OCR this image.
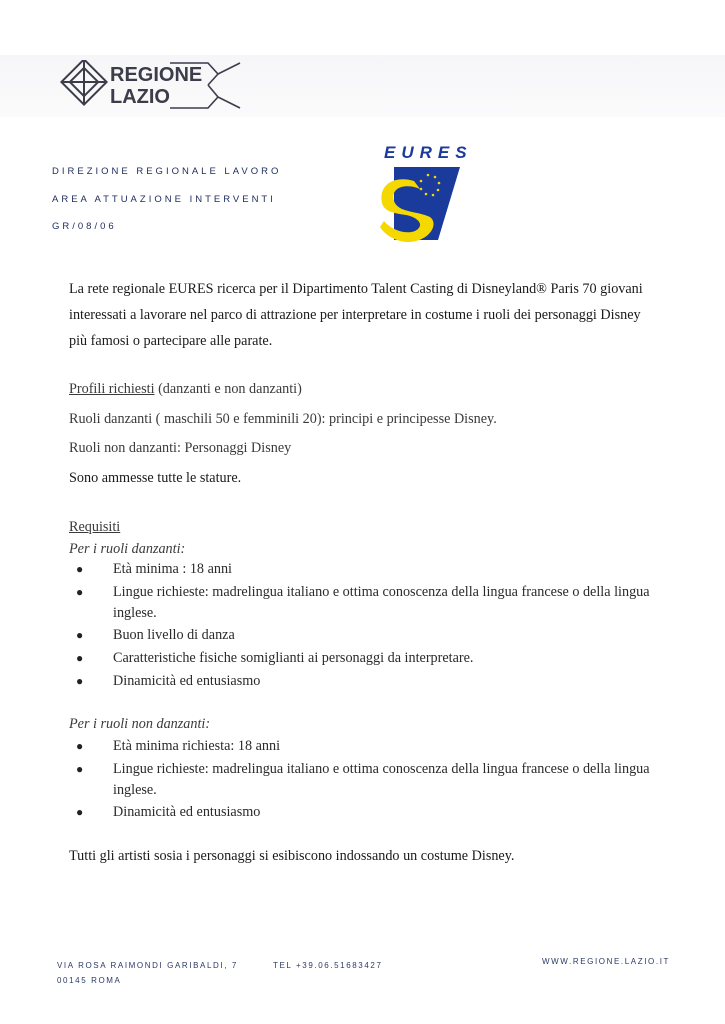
REGIONE
LAZIO
DIREZIONE REGIONALE LAVORO
AREA ATTUAZIONE INTERVENTI
GR/08/06
EURES
La rete regionale EURES ricerca per il Dipartimento Talent Casting di Disneyland® Paris 70 giovani
interessati a lavorare nel parco di attrazione per interpretare in costume i ruoli dei personaggi Disney
più famosi o partecipare alle parate.
Profili richiesti (danzanti e non danzanti)
Ruoli danzanti ( maschili 50 e femminili 20): principi e principesse Disney.
Ruoli non danzanti: Personaggi Disney
Sono ammesse tutte le stature.
Requisiti
Per i ruoli danzanti:
● Età minima : 18 anni
● Lingue richieste: madrelingua italiano e ottima conoscenza della lingua francese o della lingua
inglese.
● Buon livello di danza
● Caratteristiche fisiche somiglianti ai personaggi da interpretare.
● Dinamicità ed entusiasmo
Per i ruoli non danzanti:
● Età minima richiesta: 18 anni
● Lingue richieste: madrelingua italiano e ottima conoscenza della lingua francese o della lingua
inglese.
● Dinamicità ed entusiasmo
Tutti gli artisti sosia i personaggi si esibiscono indossando un costume Disney.
VIA ROSA RAIMONDI GARIBALDI, 7
00145 ROMA
TEL +39.06.51683427	WWW.REGIONE.LAZIO.IT
